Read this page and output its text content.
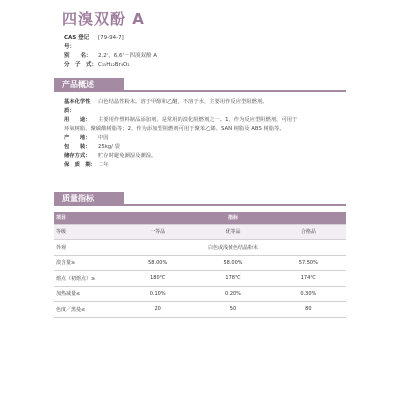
四溴双酚 A
CAS 登记号：
[79-94-7]
别　　名：	2,2'，6,6'－四溴双酚 A
分　子　式： C₁₅H₁₂Br₄O₂
产品概述
基本化学性质：
白色结晶性粉末。溶于甲醇和乙醚，不溶于水，主要用作反应型阻燃剂。
用　　途：	主要用作塑料制品添加剂，是常用的溴化阻燃剂之一。1、作为反应型阻燃剂，可用于
环氧树脂、聚碳酸树脂等；2、作为添加型阻燃剂可用于聚苯乙烯、SAN 树脂及 ABS 树脂等。
产　　地：	中国
包　　装：	25kg/ 袋
储存方式：	贮存时避免潮湿及潮湿。
保　质　期： 二年
质量指标
项目	指标		
等级	一等品	优等品	合格品
外观	白色或浅黄色结晶粉末		
溴含量≥	58.00%	58.00%	57.50%
熔点（初熔点）≥	180℃	178℃	174℃
加热减量≤	0.10%	0.20%	0.30%
色度／黑曼≤	20	50	80
